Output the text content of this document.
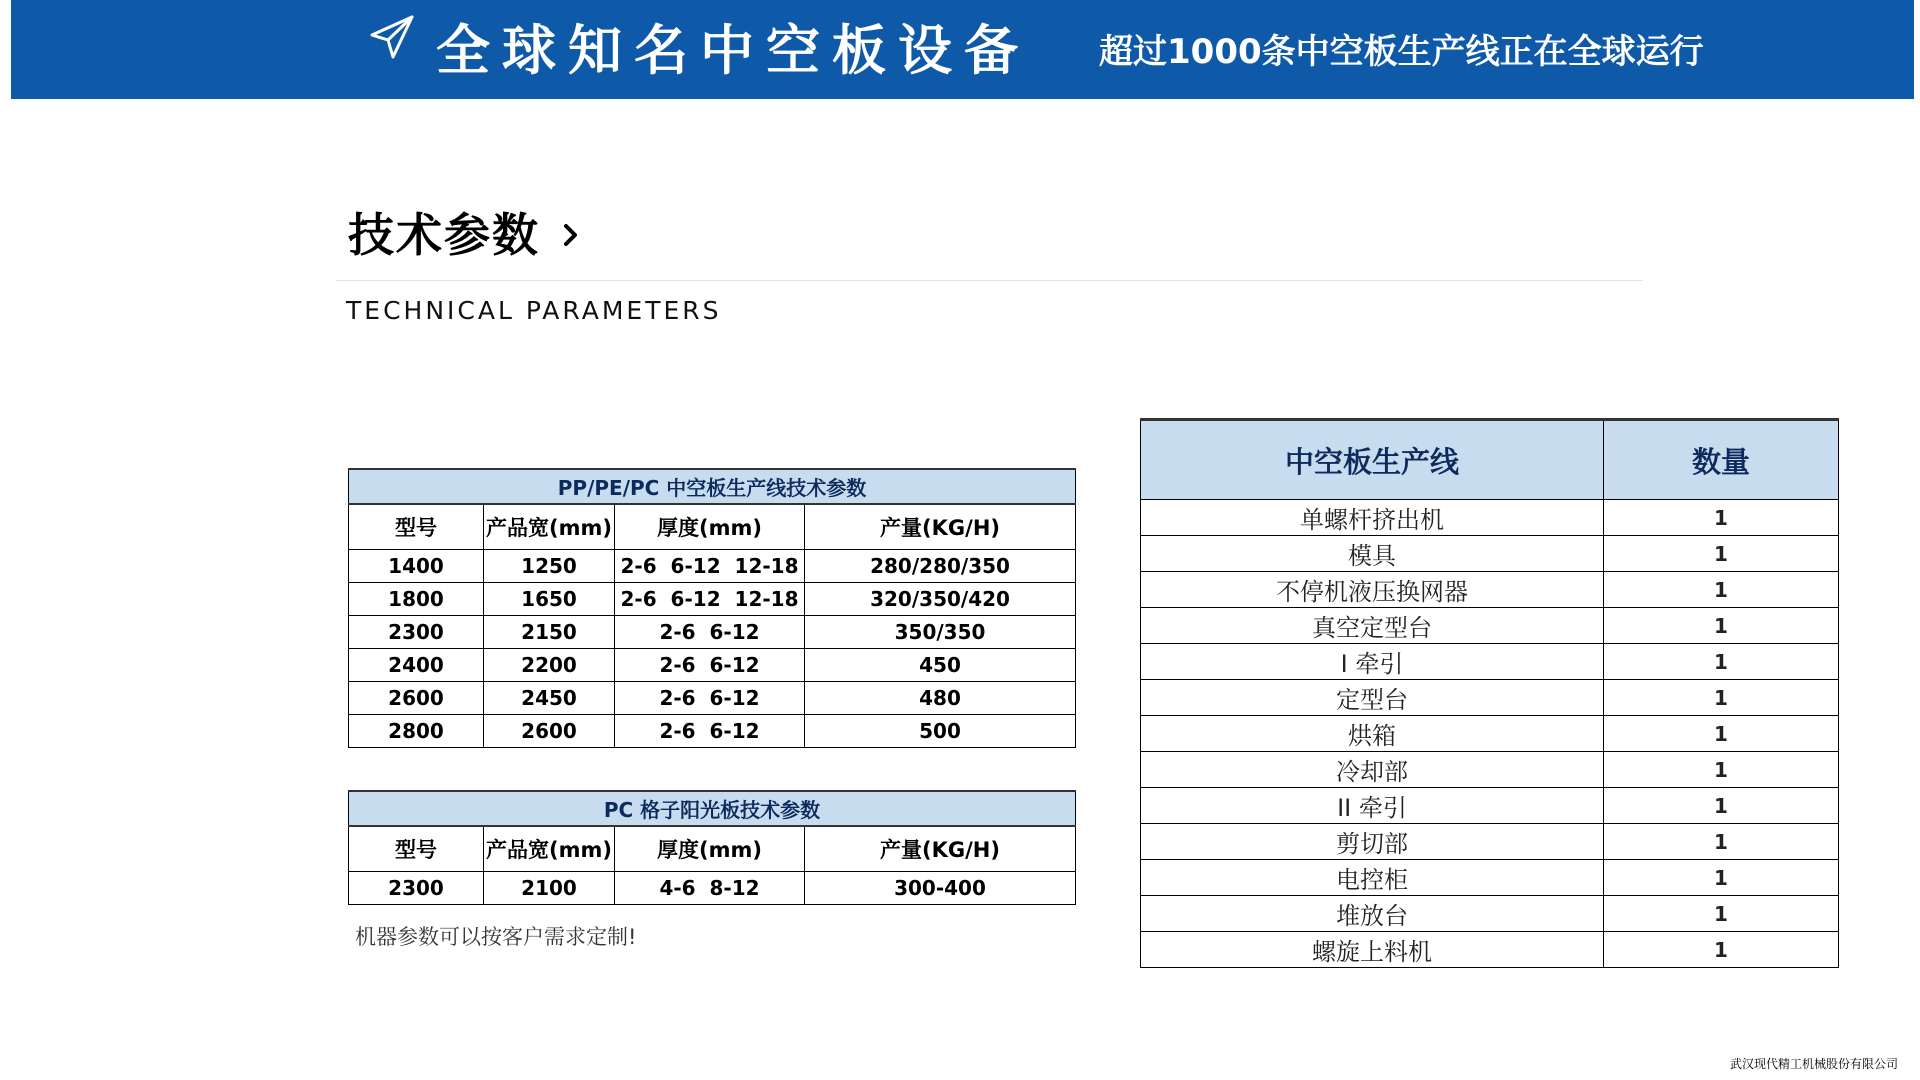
全球知名中空板设备 超过1000条中空板生产线正在全球运行
技术参数
TECHNICAL PARAMETERS
PP/PE/PC 中空板生产线技术参数			
型号	产品宽(mm)	厚度(mm)	产量(KG/H)
1400	1250	2-6  6-12  12-18	280/280/350
1800	1650	2-6  6-12  12-18	320/350/420
2300	2150	2-6  6-12	350/350
2400	2200	2-6  6-12	450
2600	2450	2-6  6-12	480
2800	2600	2-6  6-12	500
PC 格子阳光板技术参数			
型号	产品宽(mm)	厚度(mm)	产量(KG/H)
2300	2100	4-6  8-12	300-400
机器参数可以按客户需求定制!
中空板生产线	数量
单螺杆挤出机	1
模具	1
不停机液压换网器	1
真空定型台	1
I 牵引	1
定型台	1
烘箱	1
冷却部	1
II 牵引	1
剪切部	1
电控柜	1
堆放台	1
螺旋上料机	1
武汉现代精工机械股份有限公司
